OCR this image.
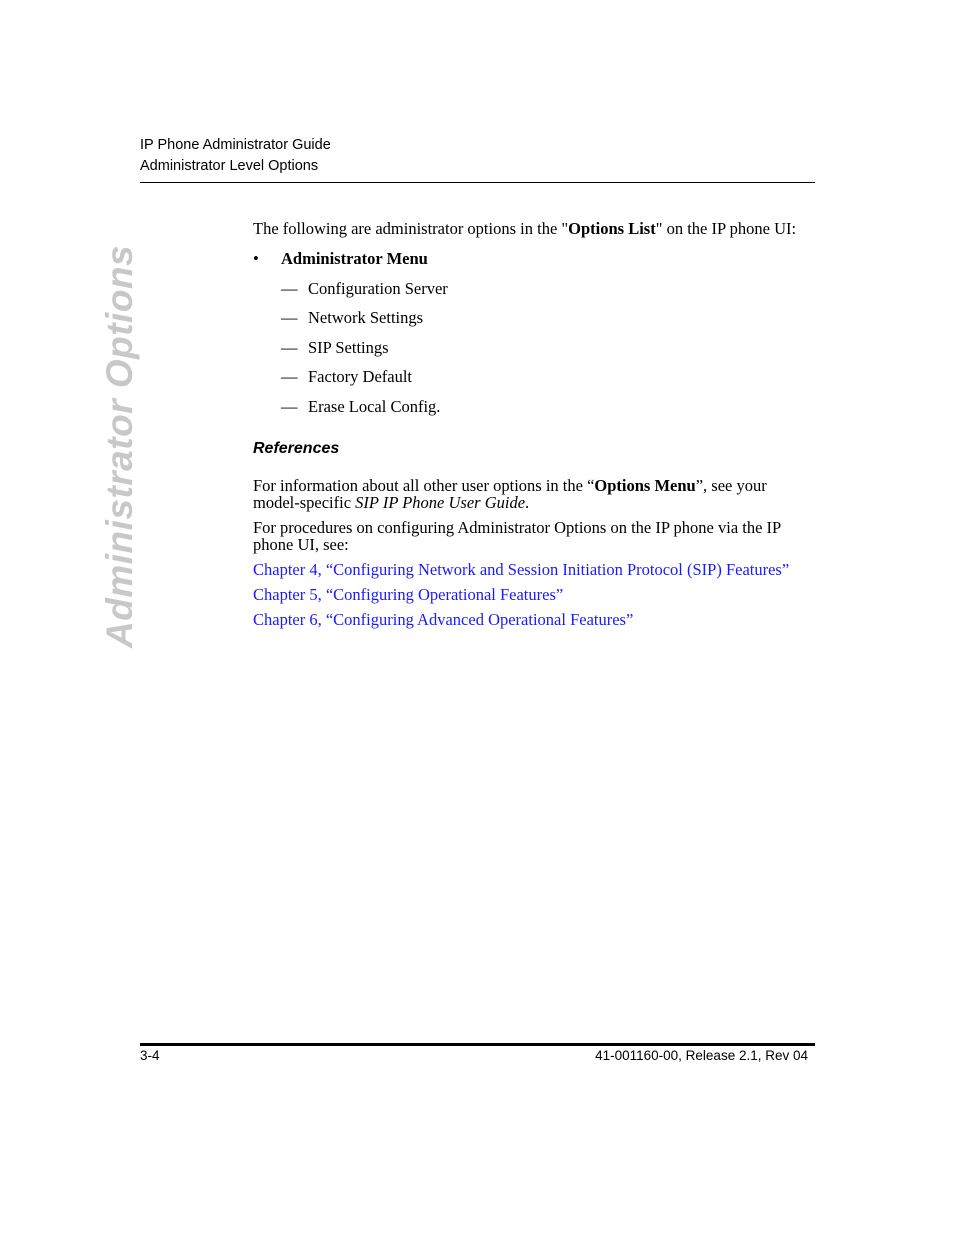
IP Phone Administrator Guide
Administrator Level Options
Administrator Options
The following are administrator options in the "Options List" on the IP phone UI:
• Administrator Menu
— Configuration Server
— Network Settings
— SIP Settings
— Factory Default
— Erase Local Config.
References
For information about all other user options in the “Options Menu”, see your model-specific SIP IP Phone User Guide.
For procedures on configuring Administrator Options on the IP phone via the IP phone UI, see:
Chapter 4, “Configuring Network and Session Initiation Protocol (SIP) Features”
Chapter 5, “Configuring Operational Features”
Chapter 6, “Configuring Advanced Operational Features”
3-4	41-001160-00, Release 2.1, Rev 04
